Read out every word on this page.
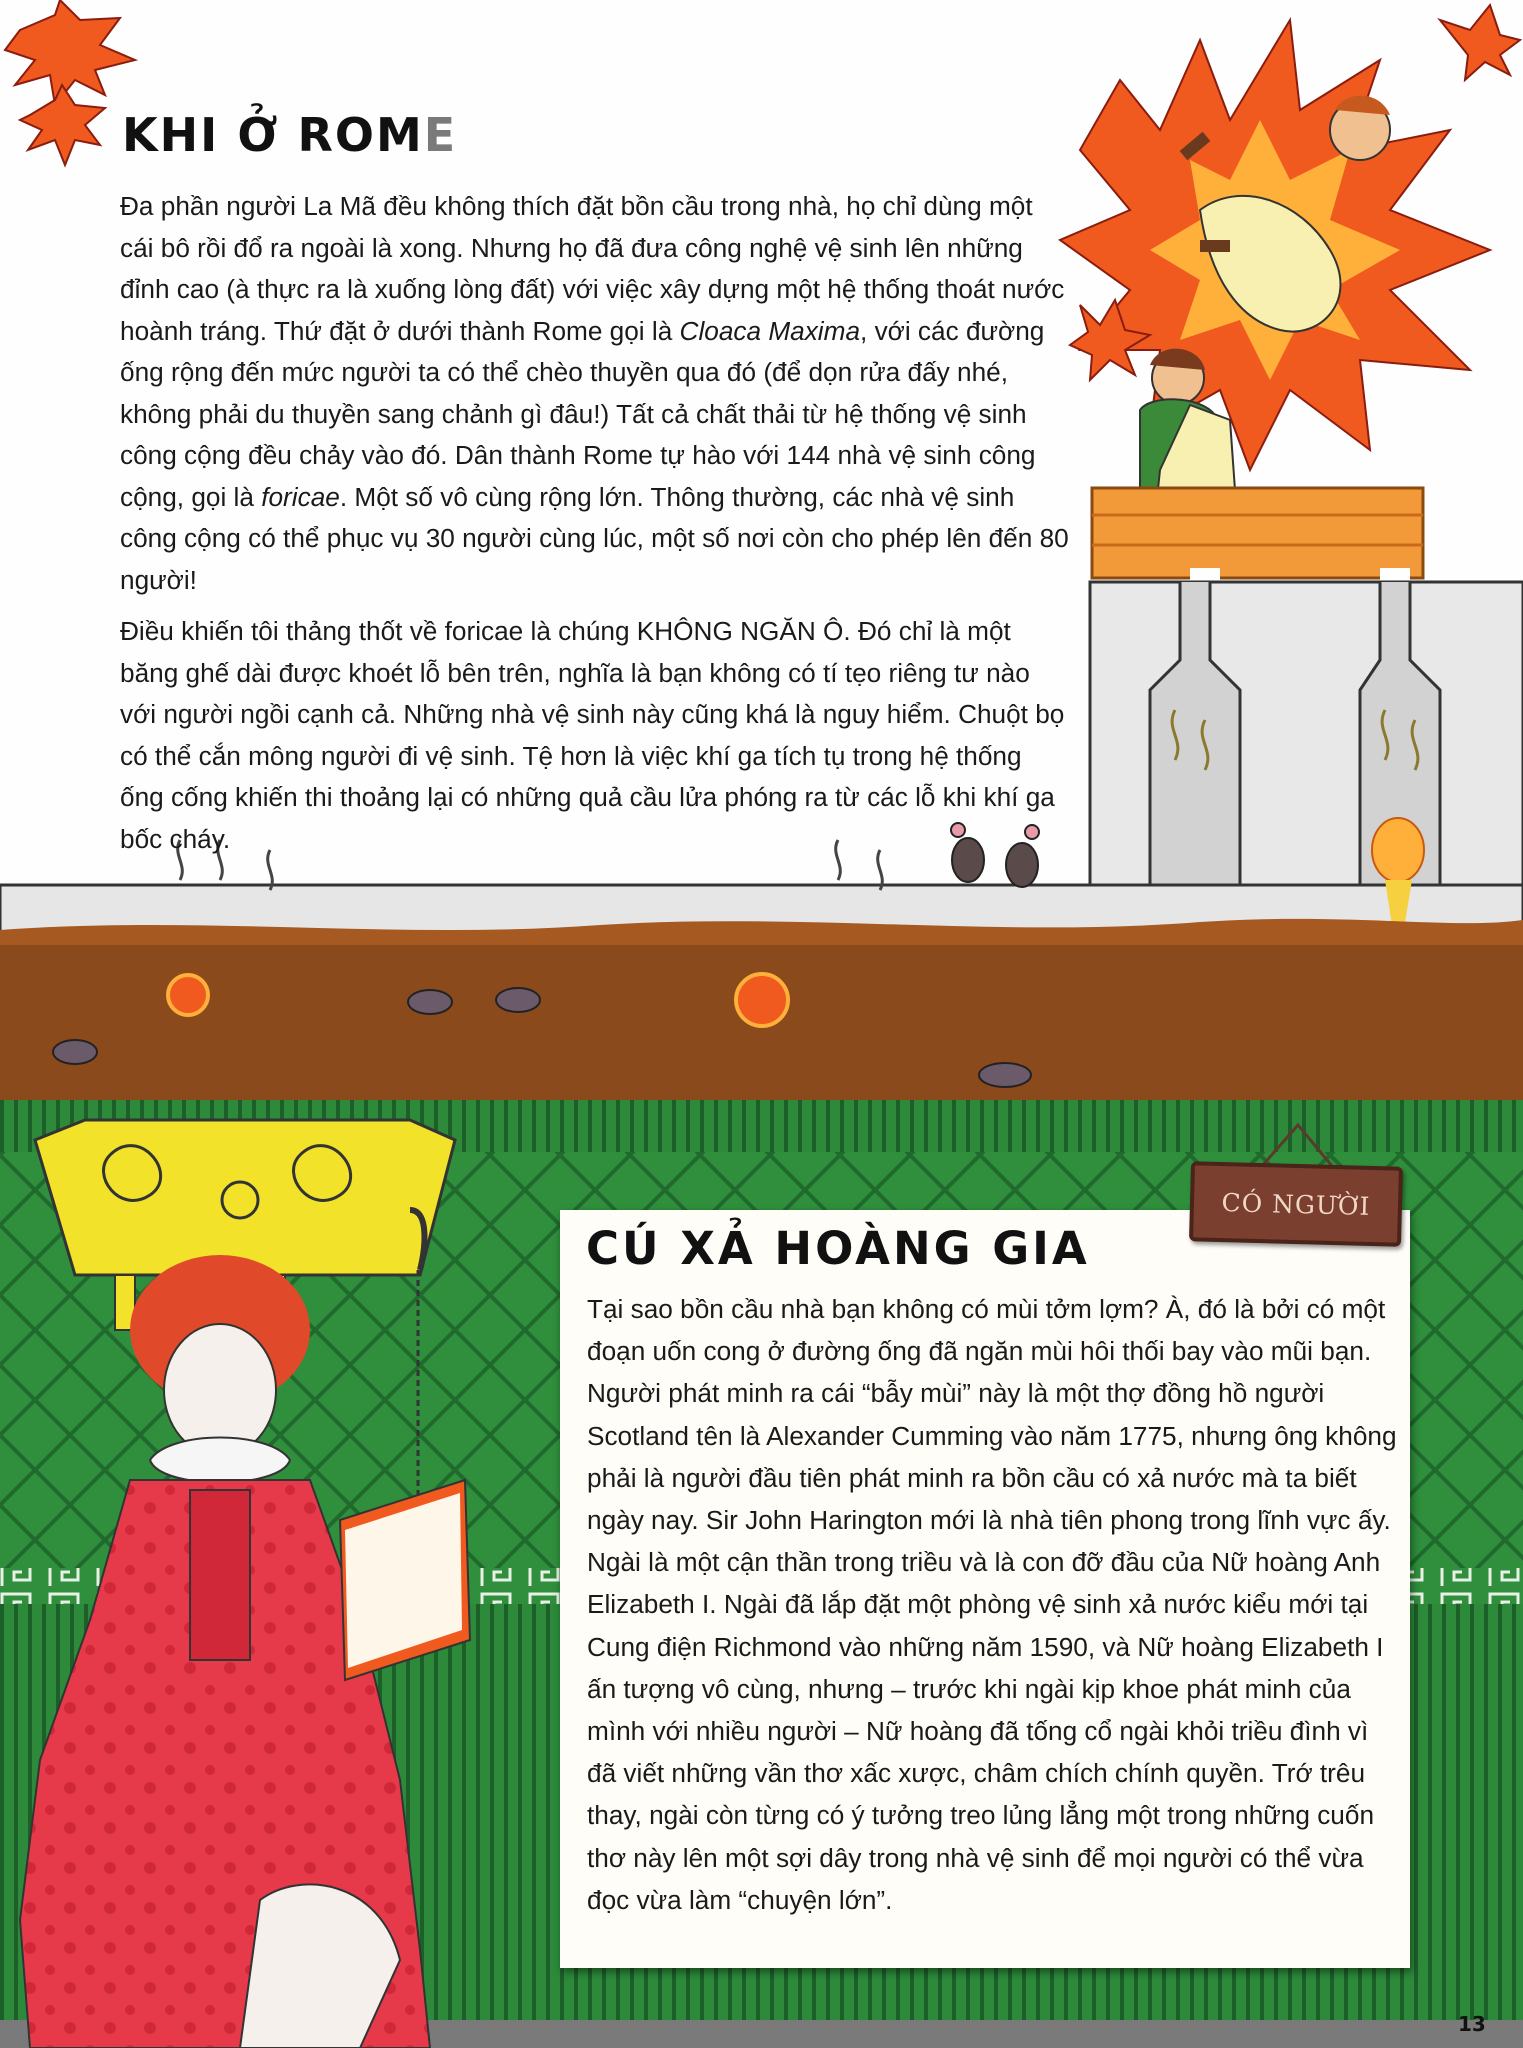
KHI Ở ROME

Đa phần người La Mã đều không thích đặt bồn cầu trong nhà, họ chỉ dùng một cái bô rồi đổ ra ngoài là xong. Nhưng họ đã đưa công nghệ vệ sinh lên những đỉnh cao (à thực ra là xuống lòng đất) với việc xây dựng một hệ thống thoát nước hoành tráng. Thứ đặt ở dưới thành Rome gọi là Cloaca Maxima, với các đường ống rộng đến mức người ta có thể chèo thuyền qua đó (để dọn rửa đấy nhé, không phải du thuyền sang chảnh gì đâu!) Tất cả chất thải từ hệ thống vệ sinh công cộng đều chảy vào đó. Dân thành Rome tự hào với 144 nhà vệ sinh công cộng, gọi là foricae. Một số vô cùng rộng lớn. Thông thường, các nhà vệ sinh công cộng có thể phục vụ 30 người cùng lúc, một số nơi còn cho phép lên đến 80 người!

Điều khiến tôi thảng thốt về foricae là chúng KHÔNG NGĂN Ô. Đó chỉ là một băng ghế dài được khoét lỗ bên trên, nghĩa là bạn không có tí tẹo riêng tư nào với người ngồi cạnh cả. Những nhà vệ sinh này cũng khá là nguy hiểm. Chuột bọ có thể cắn mông người đi vệ sinh. Tệ hơn là việc khí ga tích tụ trong hệ thống ống cống khiến thi thoảng lại có những quả cầu lửa phóng ra từ các lỗ khi khí ga bốc cháy.

CÓ NGƯỜI
CÚ XẢ HOÀNG GIA

Tại sao bồn cầu nhà bạn không có mùi tởm lợm? À, đó là bởi có một đoạn uốn cong ở đường ống đã ngăn mùi hôi thối bay vào mũi bạn. Người phát minh ra cái “bẫy mùi” này là một thợ đồng hồ người Scotland tên là Alexander Cumming vào năm 1775, nhưng ông không phải là người đầu tiên phát minh ra bồn cầu có xả nước mà ta biết ngày nay. Sir John Harington mới là nhà tiên phong trong lĩnh vực ấy. Ngài là một cận thần trong triều và là con đỡ đầu của Nữ hoàng Anh Elizabeth I. Ngài đã lắp đặt một phòng vệ sinh xả nước kiểu mới tại Cung điện Richmond vào những năm 1590, và Nữ hoàng Elizabeth I ấn tượng vô cùng, nhưng – trước khi ngài kịp khoe phát minh của mình với nhiều người – Nữ hoàng đã tống cổ ngài khỏi triều đình vì đã viết những vần thơ xấc xược, châm chích chính quyền. Trớ trêu thay, ngài còn từng có ý tưởng treo lủng lẳng một trong những cuốn thơ này lên một sợi dây trong nhà vệ sinh để mọi người có thể vừa đọc vừa làm “chuyện lớn”.

13
